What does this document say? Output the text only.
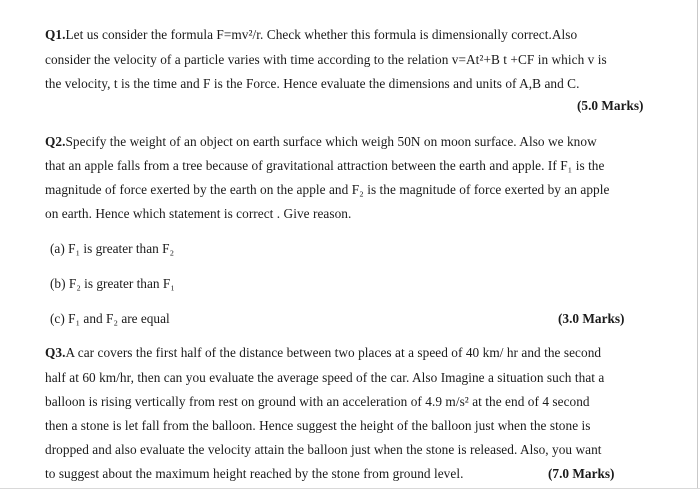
Q1.Let us consider the formula F=mv²/r. Check whether this formula is dimensionally correct.Also
consider the velocity of a particle varies with time according to the relation v=At²+B t +CF in which v is
the velocity, t is the time and F is the Force. Hence evaluate the dimensions and units of A,B and C.
(5.0 Marks)
Q2.Specify the weight of an object on earth surface which weigh 50N on moon surface. Also we know
that an apple falls from a tree because of gravitational attraction between the earth and apple. If F₁ is the
magnitude of force exerted by the earth on the apple and F₂ is the magnitude of force exerted by an apple
on earth. Hence which statement is correct . Give reason.
(a) F₁ is greater than F₂
(b) F₂ is greater than F₁
(c) F₁ and F₂ are equal	(3.0 Marks)
Q3.A car covers the first half of the distance between two places at a speed of 40 km/ hr and the second
half at 60 km/hr, then can you evaluate the average speed of the car. Also Imagine a situation such that a
balloon is rising vertically from rest on ground with an acceleration of 4.9 m/s² at the end of 4 second
then a stone is let fall from the balloon. Hence suggest the height of the balloon just when the stone is
dropped and also evaluate the velocity attain the balloon just when the stone is released. Also, you want
to suggest about the maximum height reached by the stone from ground level.	(7.0 Marks)
